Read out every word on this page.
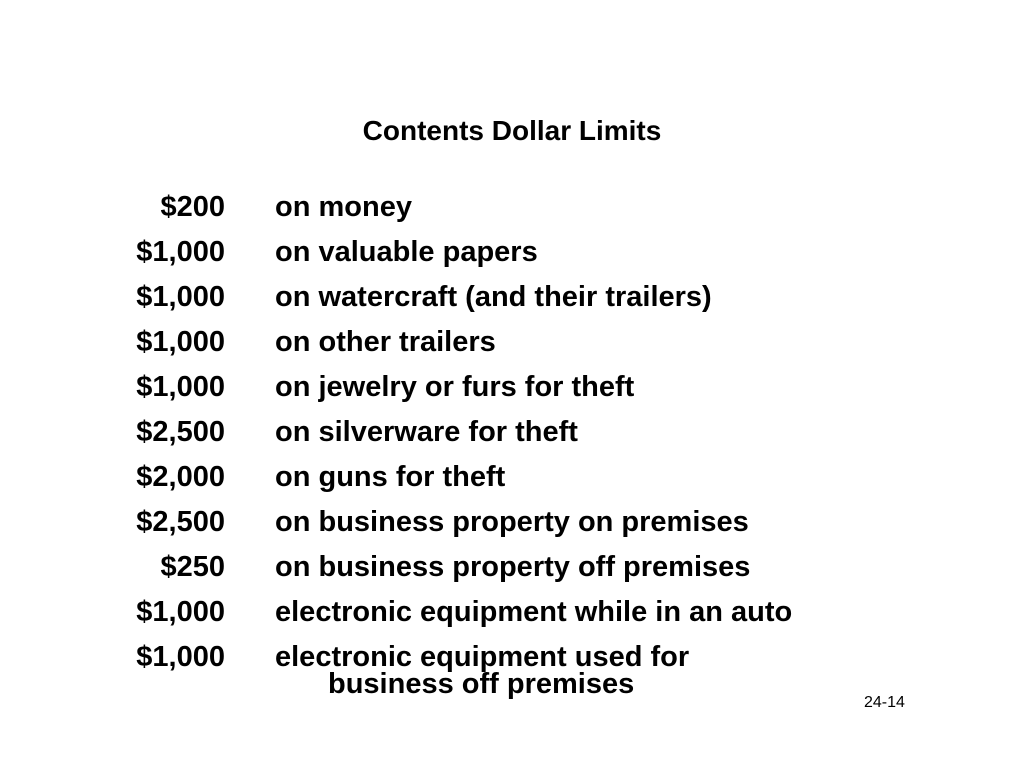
Contents Dollar Limits
$200 on money
$1,000 on valuable papers
$1,000 on watercraft (and their trailers)
$1,000 on other trailers
$1,000 on jewelry or furs for theft
$2,500 on silverware for theft
$2,000 on guns for theft
$2,500 on business property on premises
$250 on business property off premises
$1,000 electronic equipment while in an auto
$1,000 electronic equipment used for
business off premises
24-14
